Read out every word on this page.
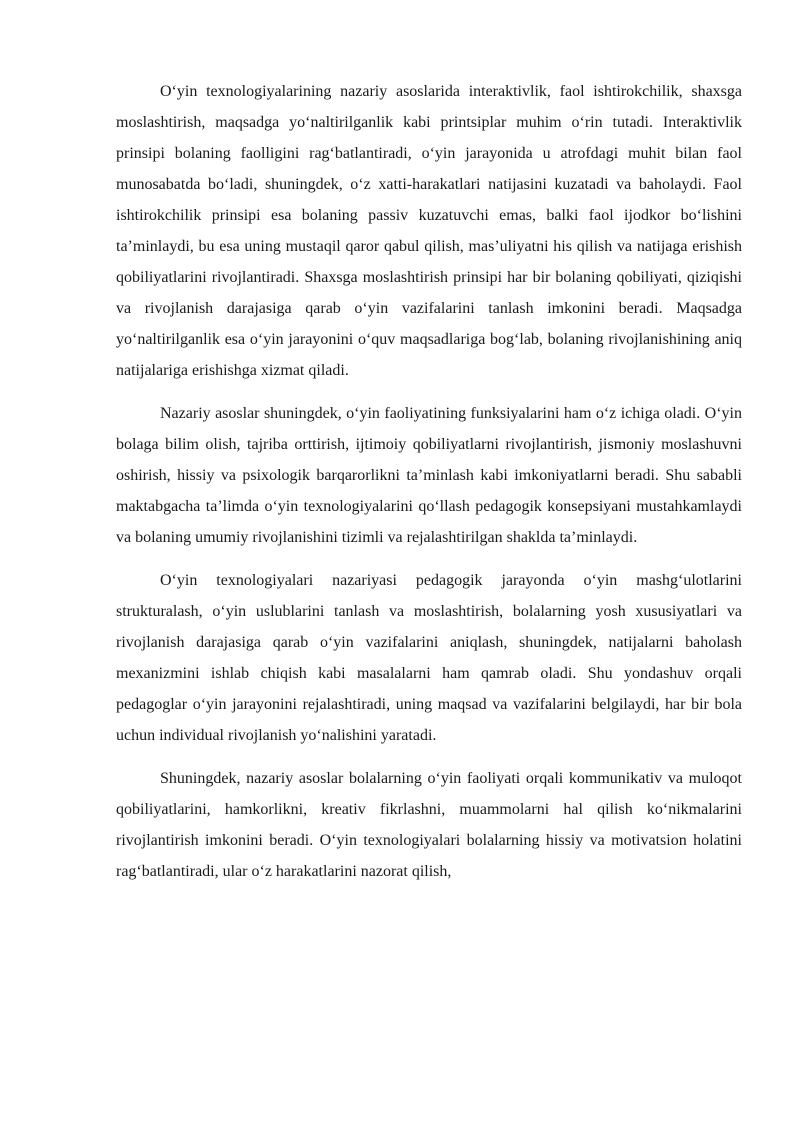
O‘yin texnologiyalarining nazariy asoslarida interaktivlik, faol ishtirokchilik, shaxsga moslashtirish, maqsadga yo‘naltirilganlik kabi printsiplar muhim o‘rin tutadi. Interaktivlik prinsipi bolaning faolligini rag‘batlantiradi, o‘yin jarayonida u atrofdagi muhit bilan faol munosabatda bo‘ladi, shuningdek, o‘z xatti-harakatlari natijasini kuzatadi va baholaydi. Faol ishtirokchilik prinsipi esa bolaning passiv kuzatuvchi emas, balki faol ijodkor bo‘lishini ta’minlaydi, bu esa uning mustaqil qaror qabul qilish, mas’uliyatni his qilish va natijaga erishish qobiliyatlarini rivojlantiradi. Shaxsga moslashtirish prinsipi har bir bolaning qobiliyati, qiziqishi va rivojlanish darajasiga qarab o‘yin vazifalarini tanlash imkonini beradi. Maqsadga yo‘naltirilganlik esa o‘yin jarayonini o‘quv maqsadlariga bog‘lab, bolaning rivojlanishining aniq natijalariga erishishga xizmat qiladi.

Nazariy asoslar shuningdek, o‘yin faoliyatining funksiyalarini ham o‘z ichiga oladi. O‘yin bolaga bilim olish, tajriba orttirish, ijtimoiy qobiliyatlarni rivojlantirish, jismoniy moslashuvni oshirish, hissiy va psixologik barqarorlikni ta’minlash kabi imkoniyatlarni beradi. Shu sababli maktabgacha ta’limda o‘yin texnologiyalarini qo‘llash pedagogik konsepsiyani mustahkamlaydi va bolaning umumiy rivojlanishini tizimli va rejalashtirilgan shaklda ta’minlaydi.

O‘yin texnologiyalari nazariyasi pedagogik jarayonda o‘yin mashg‘ulotlarini strukturalash, o‘yin uslublarini tanlash va moslashtirish, bolalarning yosh xususiyatlari va rivojlanish darajasiga qarab o‘yin vazifalarini aniqlash, shuningdek, natijalarni baholash mexanizmini ishlab chiqish kabi masalalarni ham qamrab oladi. Shu yondashuv orqali pedagoglar o‘yin jarayonini rejalashtiradi, uning maqsad va vazifalarini belgilaydi, har bir bola uchun individual rivojlanish yo‘nalishini yaratadi.

Shuningdek, nazariy asoslar bolalarning o‘yin faoliyati orqali kommunikativ va muloqot qobiliyatlarini, hamkorlikni, kreativ fikrlashni, muammolarni hal qilish ko‘nikmalarini rivojlantirish imkonini beradi. O‘yin texnologiyalari bolalarning hissiy va motivatsion holatini rag‘batlantiradi, ular o‘z harakatlarini nazorat qilish,
